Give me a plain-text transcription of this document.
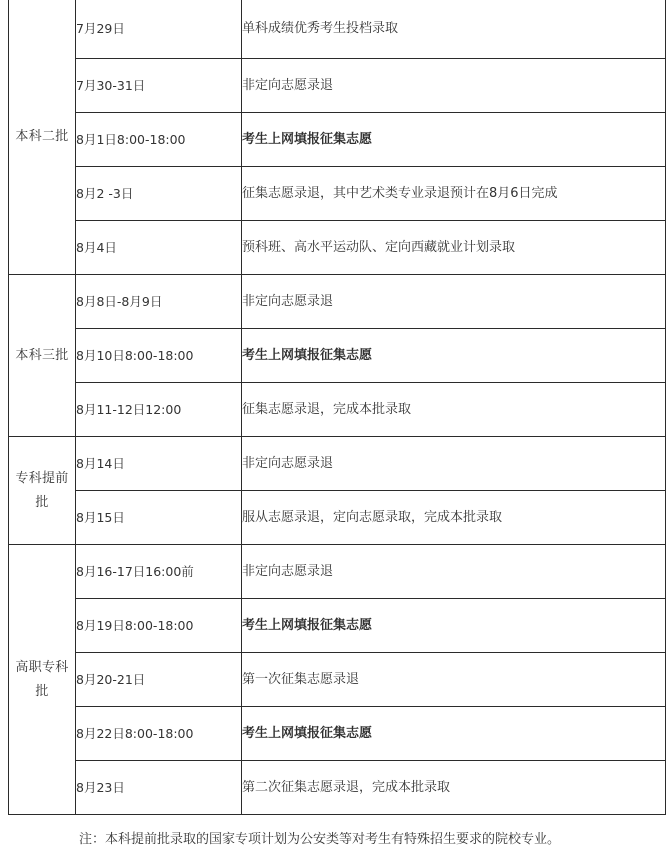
本科二批	7月29日	单科成绩优秀考生投档录取
	7月30-31日	非定向志愿录退
	8月1日8:00-18:00	考生上网填报征集志愿
	8月2 -3日	征集志愿录退，其中艺术类专业录退预计在8月6日完成
	8月4日	预科班、高水平运动队、定向西藏就业计划录取
本科三批	8月8日-8月9日	非定向志愿录退
	8月10日8:00-18:00	考生上网填报征集志愿
	8月11-12日12:00	征集志愿录退，完成本批录取
专科提前批	8月14日	非定向志愿录退
	8月15日	服从志愿录退，定向志愿录取，完成本批录取
高职专科批	8月16-17日16:00前	非定向志愿录退
	8月19日8:00-18:00	考生上网填报征集志愿
	8月20-21日	第一次征集志愿录退
	8月22日8:00-18:00	考生上网填报征集志愿
	8月23日	第二次征集志愿录退，完成本批录取
注：本科提前批录取的国家专项计划为公安类等对考生有特殊招生要求的院校专业。
